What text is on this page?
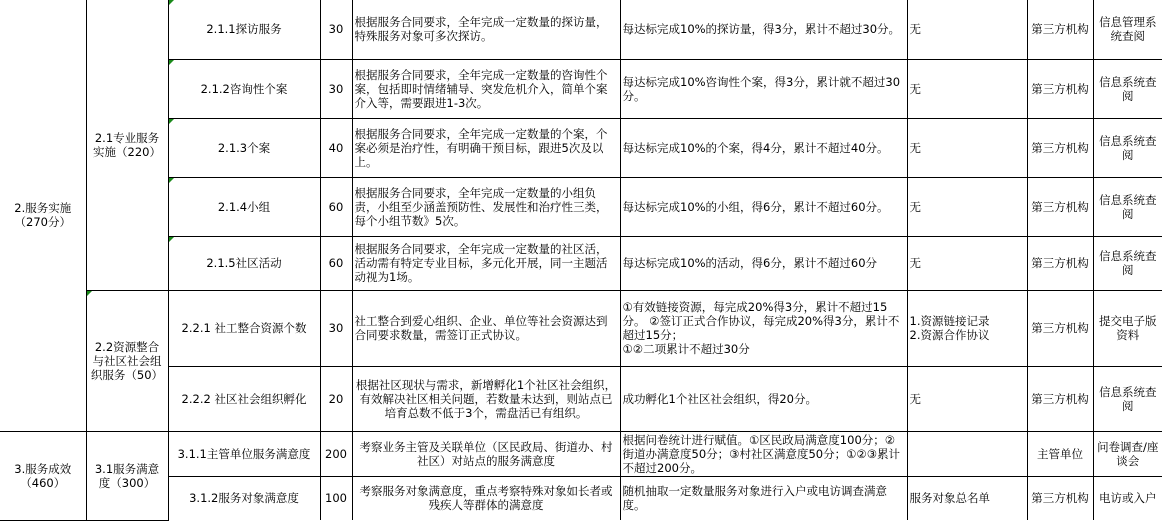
2.服务实施
（270分）	2.1专业服务
实施（220）	2.1.1探访服务	30	根据服务合同要求，全年完成一定数量的探访量，特殊服务对象可多次探访。	每达标完成10%的探访量，得3分，累计不超过30分。	无	第三方机构	信息管理系统查阅
		2.1.2咨询性个案	30	根据服务合同要求，全年完成一定数量的咨询性个案，包括即时情绪辅导、突发危机介入，简单个案介入等，需要跟进1-3次。	每达标完成10%咨询性个案，得3分，累计就不超过30分。	无	第三方机构	信息系统查阅
		2.1.3个案	40	根据服务合同要求，全年完成一定数量的个案，个案必须是治疗性，有明确干预目标，跟进5次及以上。	每达标完成10%的个案，得4分，累计不超过40分。	无	第三方机构	信息系统查阅
		2.1.4小组	60	根据服务合同要求，全年完成一定数量的小组负责，小组至少涵盖预防性、发展性和治疗性三类，每个小组节数》5次。	每达标完成10%的小组，得6分，累计不超过60分。	无	第三方机构	信息系统查阅
		2.1.5社区活动	60	根据服务合同要求，全年完成一定数量的社区活，活动需有特定专业目标，多元化开展，同一主题活动视为1场。	每达标完成10%的活动，得6分，累计不超过60分	无	第三方机构	信息系统查阅
	2.2资源整合
与社区社会组
织服务（50）	2.2.1 社工整合资源个数	30	社工整合到爱心组织、企业、单位等社会资源达到合同要求数量，需签订正式协议。	①有效链接资源，每完成20%得3分，累计不超过15分。 ②签订正式合作协议，每完成20%得3分，累计不超过15分；
①②二项累计不超过30分	1.资源链接记录
2.资源合作协议	第三方机构	提交电子版资料
		2.2.2 社区社会组织孵化	20	根据社区现状与需求，新增孵化1个社区社会组织，有效解决社区相关问题，若数量未达到，则站点已培育总数不低于3个，需盘活已有组织。	成功孵化1个社区社会组织，得20分。	无	第三方机构	信息系统查阅
3.服务成效
（460）	3.1服务满意
度（300）	3.1.1主管单位服务满意度	200	考察业务主管及关联单位（区民政局、街道办、村社区）对站点的服务满意度	根据问卷统计进行赋值。①区民政局满意度100分；②街道办满意度50分；③村社区满意度50分；①②③累计不超过200分。		主管单位	问卷调查/座谈会
		3.1.2服务对象满意度	100	考察服务对象满意度，重点考察特殊对象如长者或残疾人等群体的满意度	随机抽取一定数量服务对象进行入户或电访调查满意度。	服务对象总名单	第三方机构	电访或入户
